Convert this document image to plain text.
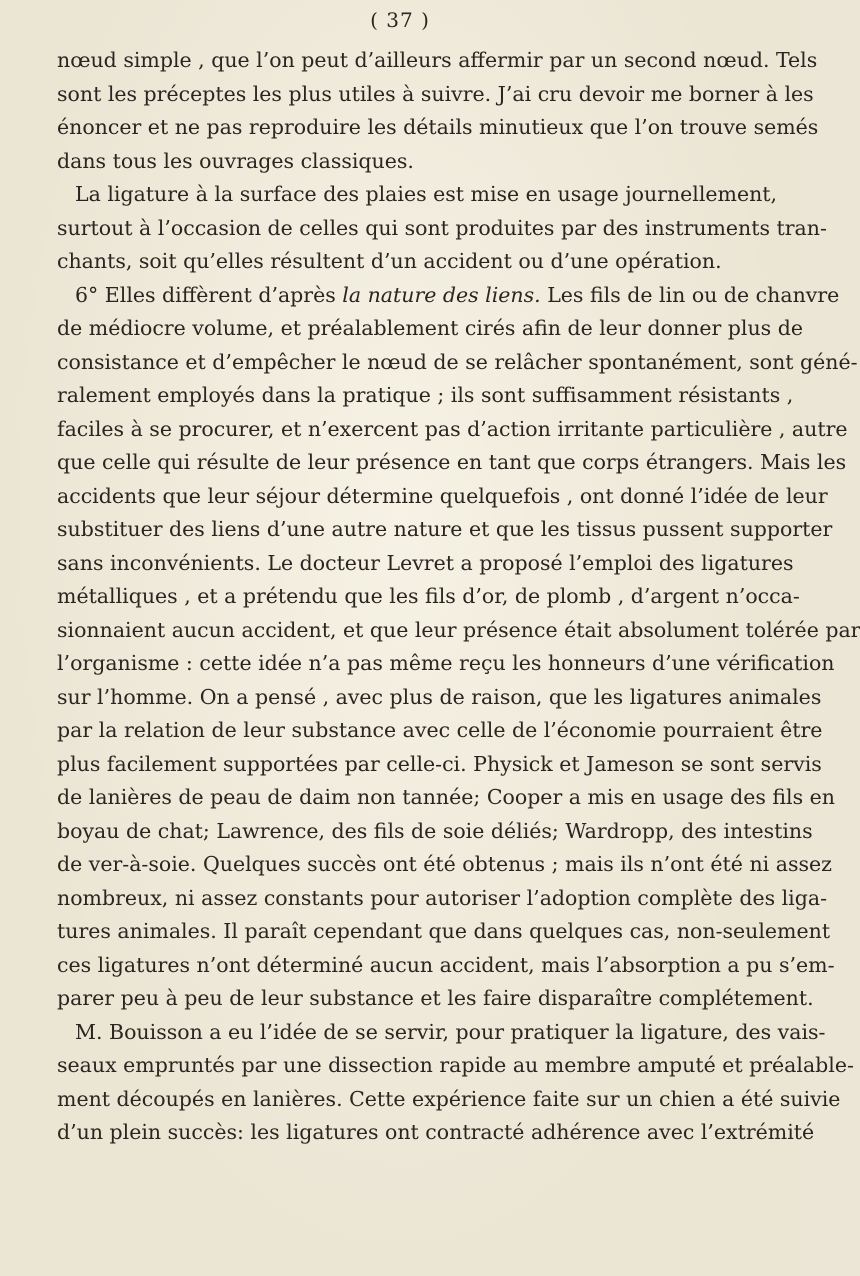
( 37 )
nœud simple , que l’on peut d’ailleurs affermir par un second nœud. Tels
sont les préceptes les plus utiles à suivre. J’ai cru devoir me borner à les
énoncer et ne pas reproduire les détails minutieux que l’on trouve semés
dans tous les ouvrages classiques.
La ligature à la surface des plaies est mise en usage journellement,
surtout à l’occasion de celles qui sont produites par des instruments tran-
chants, soit qu’elles résultent d’un accident ou d’une opération.
6° Elles diffèrent d’après la nature des liens. Les fils de lin ou de chanvre
de médiocre volume, et préalablement cirés afin de leur donner plus de
consistance et d’empêcher le nœud de se relâcher spontanément, sont géné-
ralement employés dans la pratique ; ils sont suffisamment résistants ,
faciles à se procurer, et n’exercent pas d’action irritante particulière , autre
que celle qui résulte de leur présence en tant que corps étrangers. Mais les
accidents que leur séjour détermine quelquefois , ont donné l’idée de leur
substituer des liens d’une autre nature et que les tissus pussent supporter
sans inconvénients. Le docteur Levret a proposé l’emploi des ligatures
métalliques , et a prétendu que les fils d’or, de plomb , d’argent n’occa-
sionnaient aucun accident, et que leur présence était absolument tolérée par
l’organisme : cette idée n’a pas même reçu les honneurs d’une vérification
sur l’homme. On a pensé , avec plus de raison, que les ligatures animales
par la relation de leur substance avec celle de l’économie pourraient être
plus facilement supportées par celle-ci. Physick et Jameson se sont servis
de lanières de peau de daim non tannée; Cooper a mis en usage des fils en
boyau de chat; Lawrence, des fils de soie déliés; Wardropp, des intestins
de ver-à-soie. Quelques succès ont été obtenus ; mais ils n’ont été ni assez
nombreux, ni assez constants pour autoriser l’adoption complète des liga-
tures animales. Il paraît cependant que dans quelques cas, non-seulement
ces ligatures n’ont déterminé aucun accident, mais l’absorption a pu s’em-
parer peu à peu de leur substance et les faire disparaître complétement.
M. Bouisson a eu l’idée de se servir, pour pratiquer la ligature, des vais-
seaux empruntés par une dissection rapide au membre amputé et préalable-
ment découpés en lanières. Cette expérience faite sur un chien a été suivie
d’un plein succès: les ligatures ont contracté adhérence avec l’extrémité
